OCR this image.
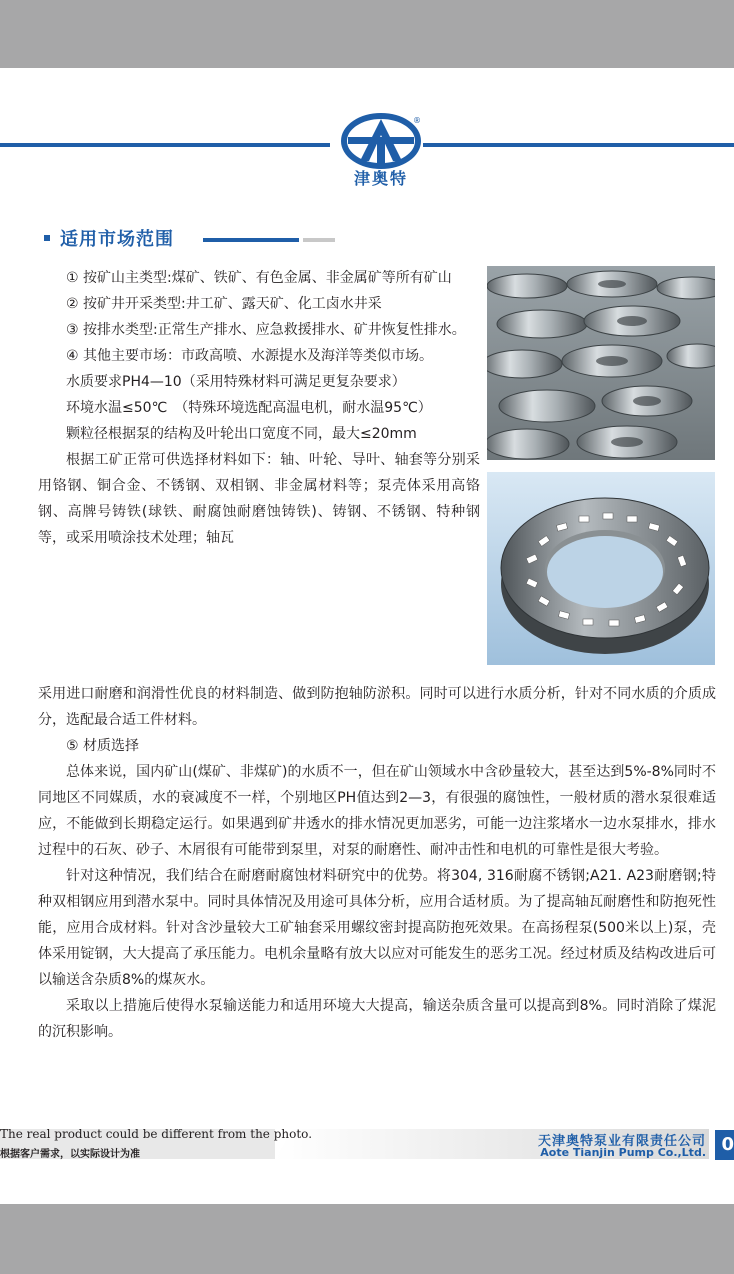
®
津奥特
适用市场范围

① 按矿山主类型:煤矿、铁矿、有色金属、非金属矿等所有矿山

② 按矿井开采类型:井工矿、露天矿、化工卤水井采

③ 按排水类型:正常生产排水、应急救援排水、矿井恢复性排水。

④ 其他主要市场：市政高喷、水源提水及海洋等类似市场。

水质要求PH4—10（采用特殊材料可满足更复杂要求）

环境水温≤50℃　（特殊环境选配高温电机，耐水温95℃）

颗粒径根据泵的结构及叶轮出口宽度不同，最大≤20mm

根据工矿正常可供选择材料如下：轴、叶轮、导叶、轴套等分别采用铬钢、铜合金、不锈钢、双相钢、非金属材料等；泵壳体采用高铬钢、高牌号铸铁(球铁、耐腐蚀耐磨蚀铸铁)、铸钢、不锈钢、特种钢等，或采用喷涂技术处理；轴瓦

采用进口耐磨和润滑性优良的材料制造、做到防抱轴防淤积。同时可以进行水质分析，针对不同水质的介质成分，选配最合适工件材料。

⑤ 材质选择

总体来说，国内矿山(煤矿、非煤矿)的水质不一，但在矿山领域水中含砂量较大，甚至达到5%-8%同时不同地区不同媒质，水的衰减度不一样，个别地区PH值达到2—3，有很强的腐蚀性，一般材质的潜水泵很难适应，不能做到长期稳定运行。如果遇到矿井透水的排水情况更加恶劣，可能一边注浆堵水一边水泵排水，排水过程中的石灰、砂子、木屑很有可能带到泵里，对泵的耐磨性、耐冲击性和电机的可靠性是很大考验。

针对这种情况，我们结合在耐磨耐腐蚀材料研究中的优势。将304, 316耐腐不锈钢;A21. A23耐磨钢;特种双相钢应用到潜水泵中。同时具体情况及用途可具体分析，应用合适材质。为了提高轴瓦耐磨性和防抱死性能，应用合成材料。针对含沙量较大工矿轴套采用螺纹密封提高防抱死效果。在高扬程泵(500米以上)泵，壳体采用锭钢，大大提高了承压能力。电机余量略有放大以应对可能发生的恶劣工况。经过材质及结构改进后可以输送含杂质8%的煤灰水。

采取以上措施后使得水泵输送能力和适用环境大大提高，输送杂质含量可以提高到8%。同时消除了煤泥的沉积影响。

The real product could be different from the photo.
根据客户需求，以实际设计为准
天津奥特泵业有限责任公司
Aote Tianjin Pump Co.,Ltd. 0
